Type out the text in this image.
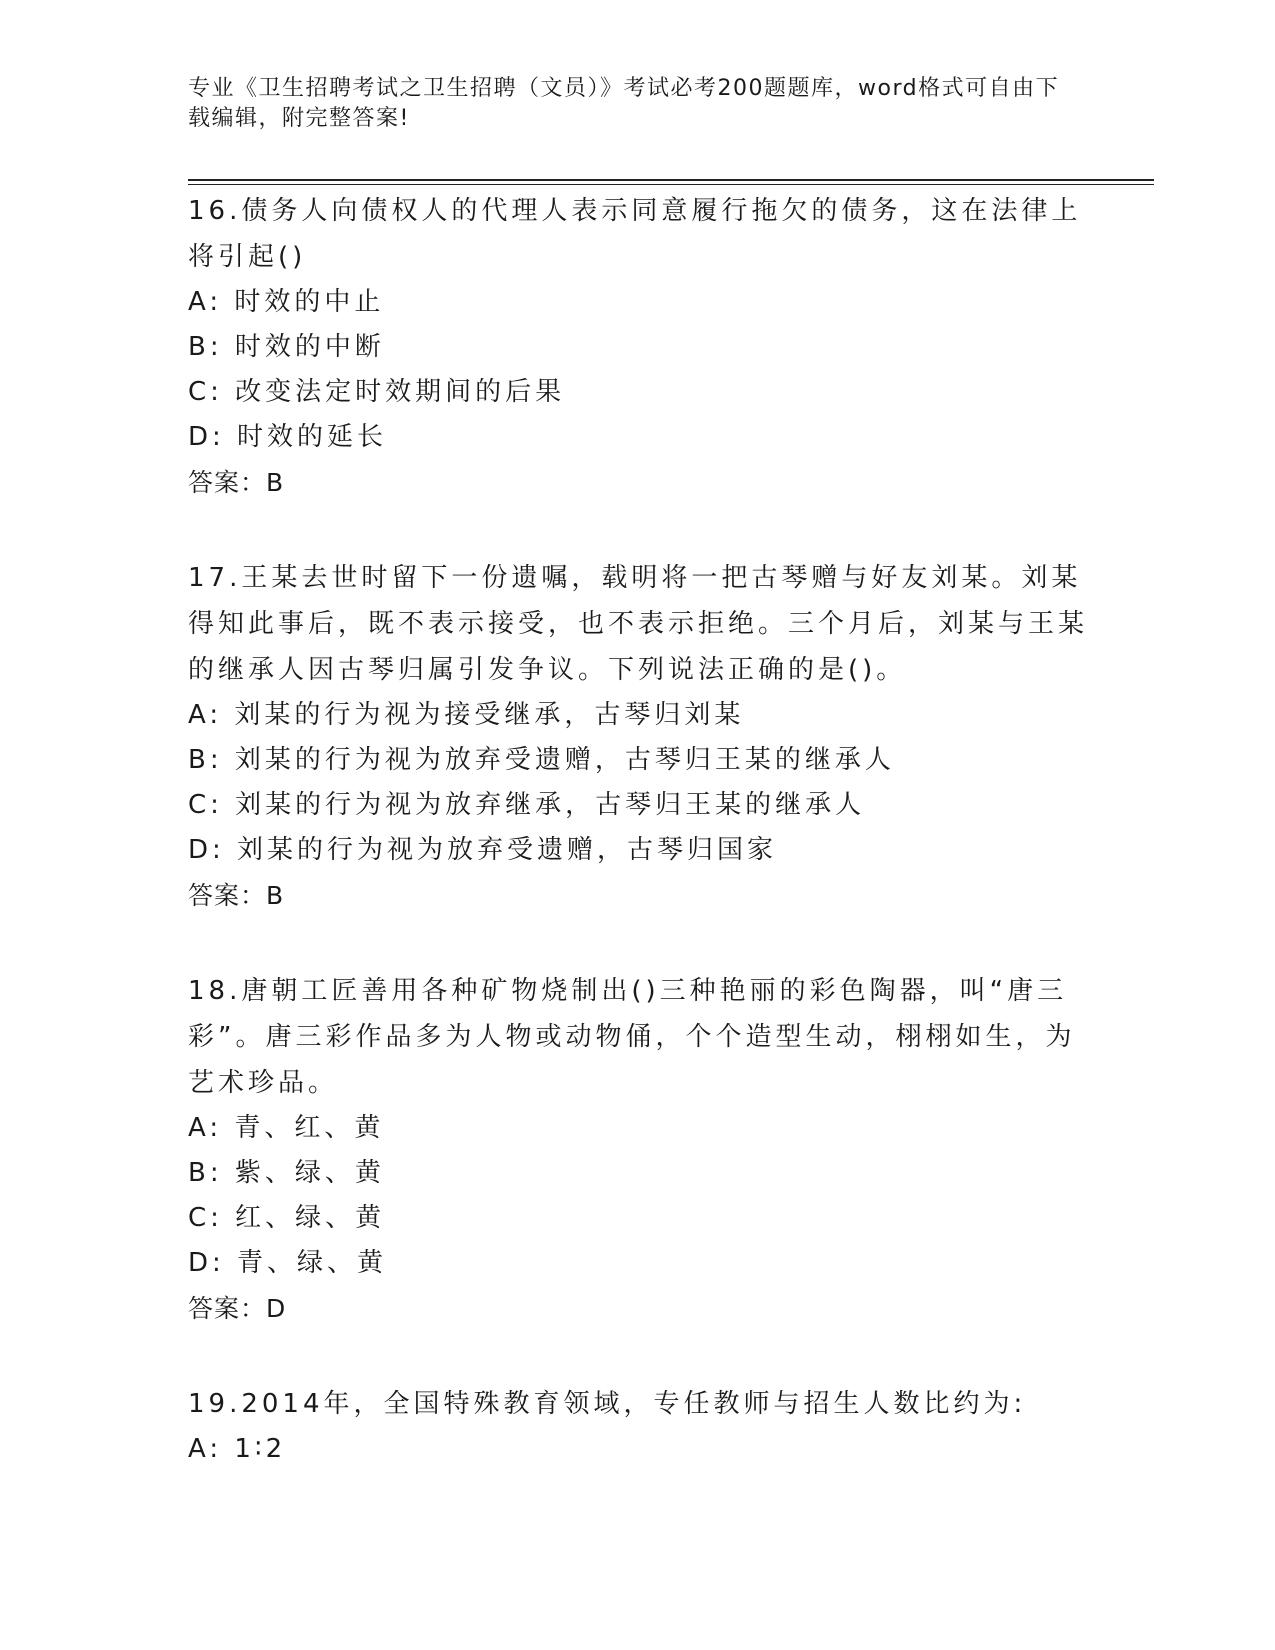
专业《卫生招聘考试之卫生招聘（文员）》考试必考200题题库，word格式可自由下载编辑，附完整答案!
16.债务人向债权人的代理人表示同意履行拖欠的债务，这在法律上将引起()
A: 时效的中止
B: 时效的中断
C: 改变法定时效期间的后果
D: 时效的延长
答案：B
17.王某去世时留下一份遗嘱，载明将一把古琴赠与好友刘某。刘某得知此事后，既不表示接受，也不表示拒绝。三个月后，刘某与王某的继承人因古琴归属引发争议。下列说法正确的是()。
A: 刘某的行为视为接受继承，古琴归刘某
B: 刘某的行为视为放弃受遗赠，古琴归王某的继承人
C: 刘某的行为视为放弃继承，古琴归王某的继承人
D: 刘某的行为视为放弃受遗赠，古琴归国家
答案：B
18.唐朝工匠善用各种矿物烧制出()三种艳丽的彩色陶器，叫“唐三彩”。唐三彩作品多为人物或动物俑，个个造型生动，栩栩如生，为艺术珍品。
A: 青、红、黄
B: 紫、绿、黄
C: 红、绿、黄
D: 青、绿、黄
答案：D
19.2014年，全国特殊教育领域，专任教师与招生人数比约为:
A: 1∶2
